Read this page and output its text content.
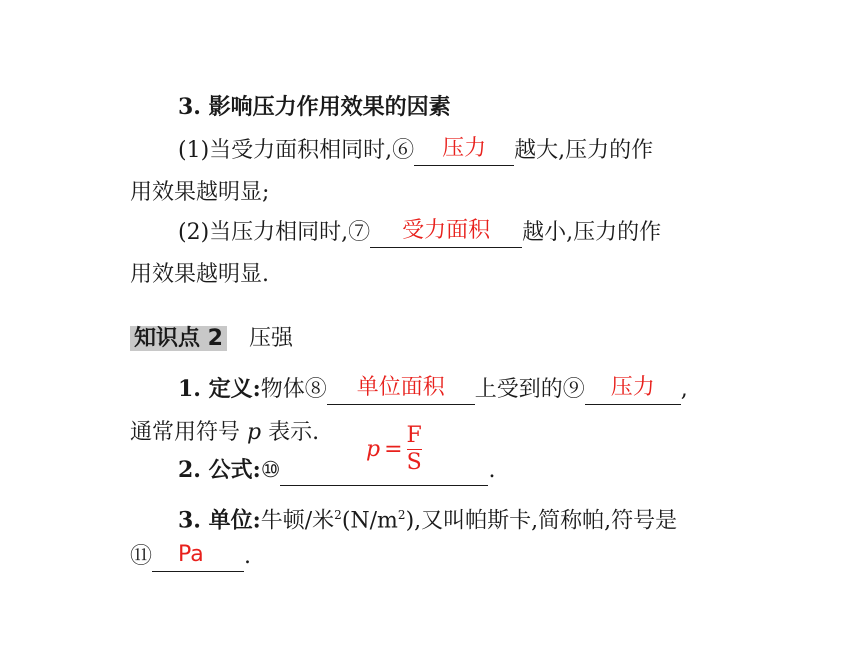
3. 影响压力作用效果的因素
(1)当受力面积相同时,⑥	压力	越大,压力的作
用效果越明显;
(2)当压力相同时,⑦	受力面积	越小,压力的作
用效果越明显.
知识点 2 压强
1. 定义:物体⑧	单位面积	上受到的⑨	压力	,
通常用符号 p 表示.
2. 公式:⑩	.
$p = \frac{F}{S}$
3. 单位:牛顿/米$^2(N/m^2)$,又叫帕斯卡,简称帕,符号是
⑪	Pa	.
